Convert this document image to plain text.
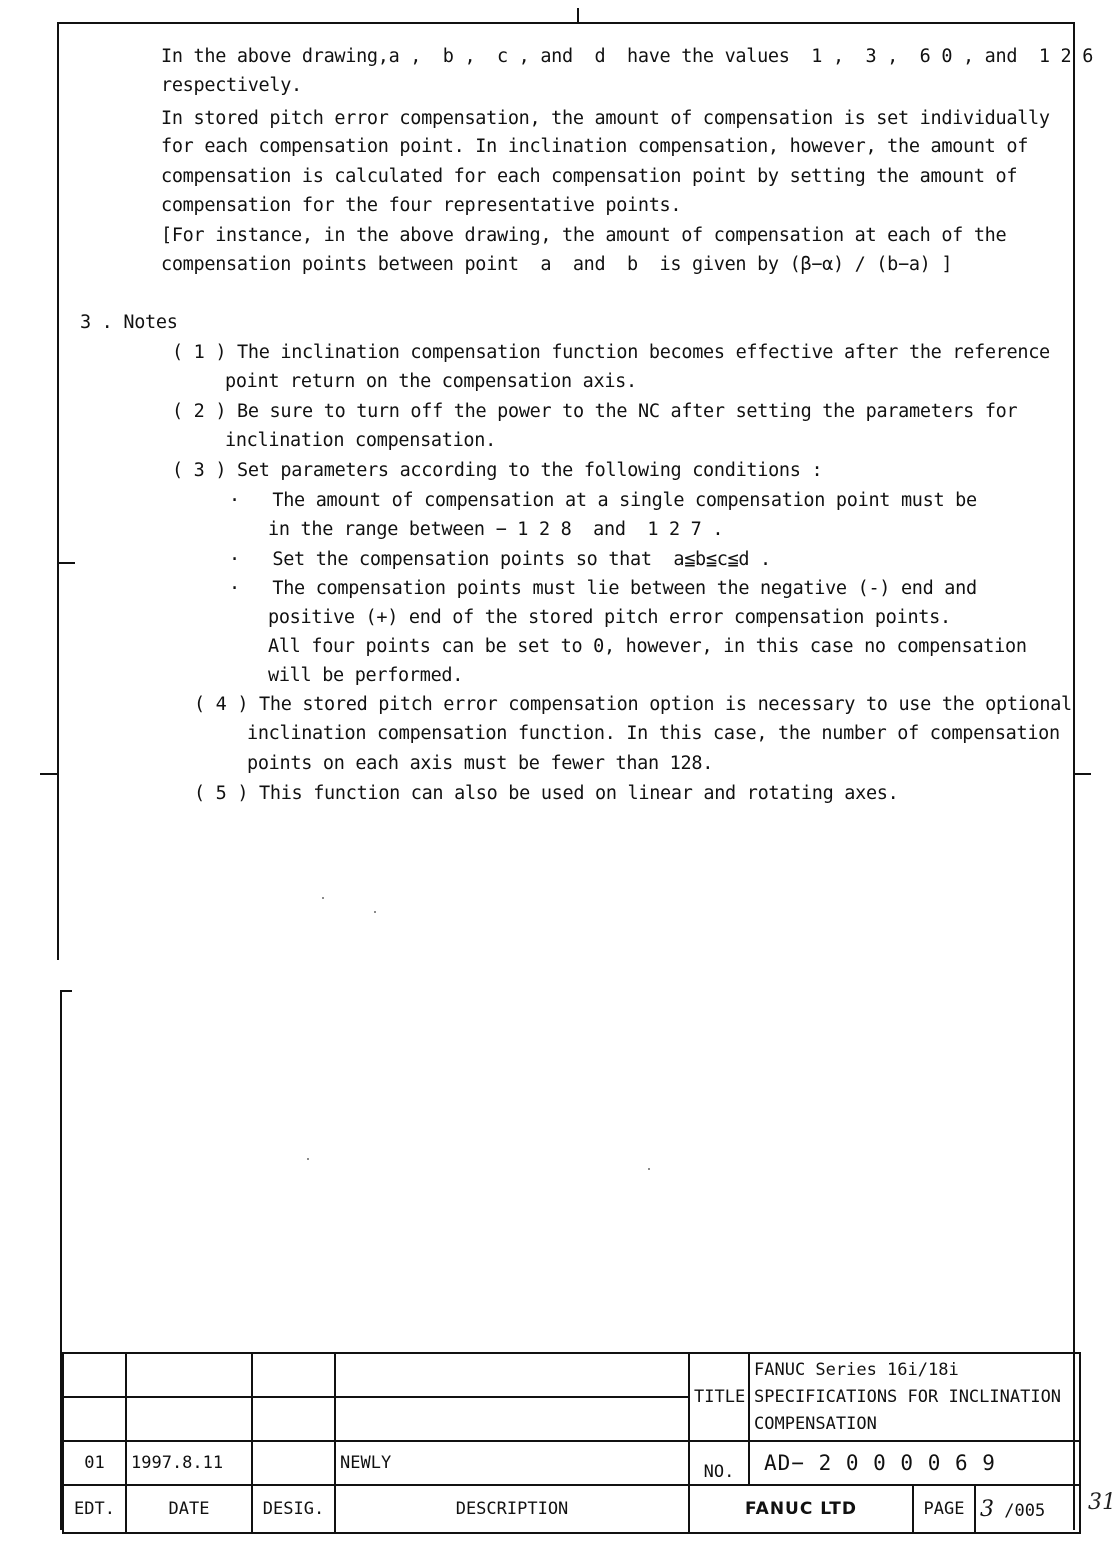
In the above drawing,a ,  b ,  c , and  d  have the values  1 ,  3 ,  6 0 , and  1 2 6
respectively.
In stored pitch error compensation, the amount of compensation is set individually
for each compensation point. In inclination compensation, however, the amount of
compensation is calculated for each compensation point by setting the amount of
compensation for the four representative points.
[For instance, in the above drawing, the amount of compensation at each of the
compensation points between point  a  and  b  is given by (β−α) ∕ (b−a) ]
3 . Notes
( 1 ) The inclination compensation function becomes effective after the reference
point return on the compensation axis.
( 2 ) Be sure to turn off the power to the NC after setting the parameters for
inclination compensation.
( 3 ) Set parameters according to the following conditions :
·   The amount of compensation at a single compensation point must be
in the range between − 1 2 8  and  1 2 7 .
·   Set the compensation points so that  a≦b≦c≦d .
·   The compensation points must lie between the negative (-) end and
positive (+) end of the stored pitch error compensation points.
All four points can be set to 0, however, in this case no compensation
will be performed.
( 4 ) The stored pitch error compensation option is necessary to use the optional
inclination compensation function. In this case, the number of compensation
points on each axis must be fewer than 128.
( 5 ) This function can also be used on linear and rotating axes.
				TITLE	FANUC Series 16i/18i
SPECIFICATIONS FOR INCLINATION
COMPENSATION		

01	1997.8.11		NEWLY	NO.	AD− 2 0 0 0 0 6 9		
EDT.	DATE	DESIG.	DESCRIPTION	FANUC LTD		PAGE	3 /005 31
